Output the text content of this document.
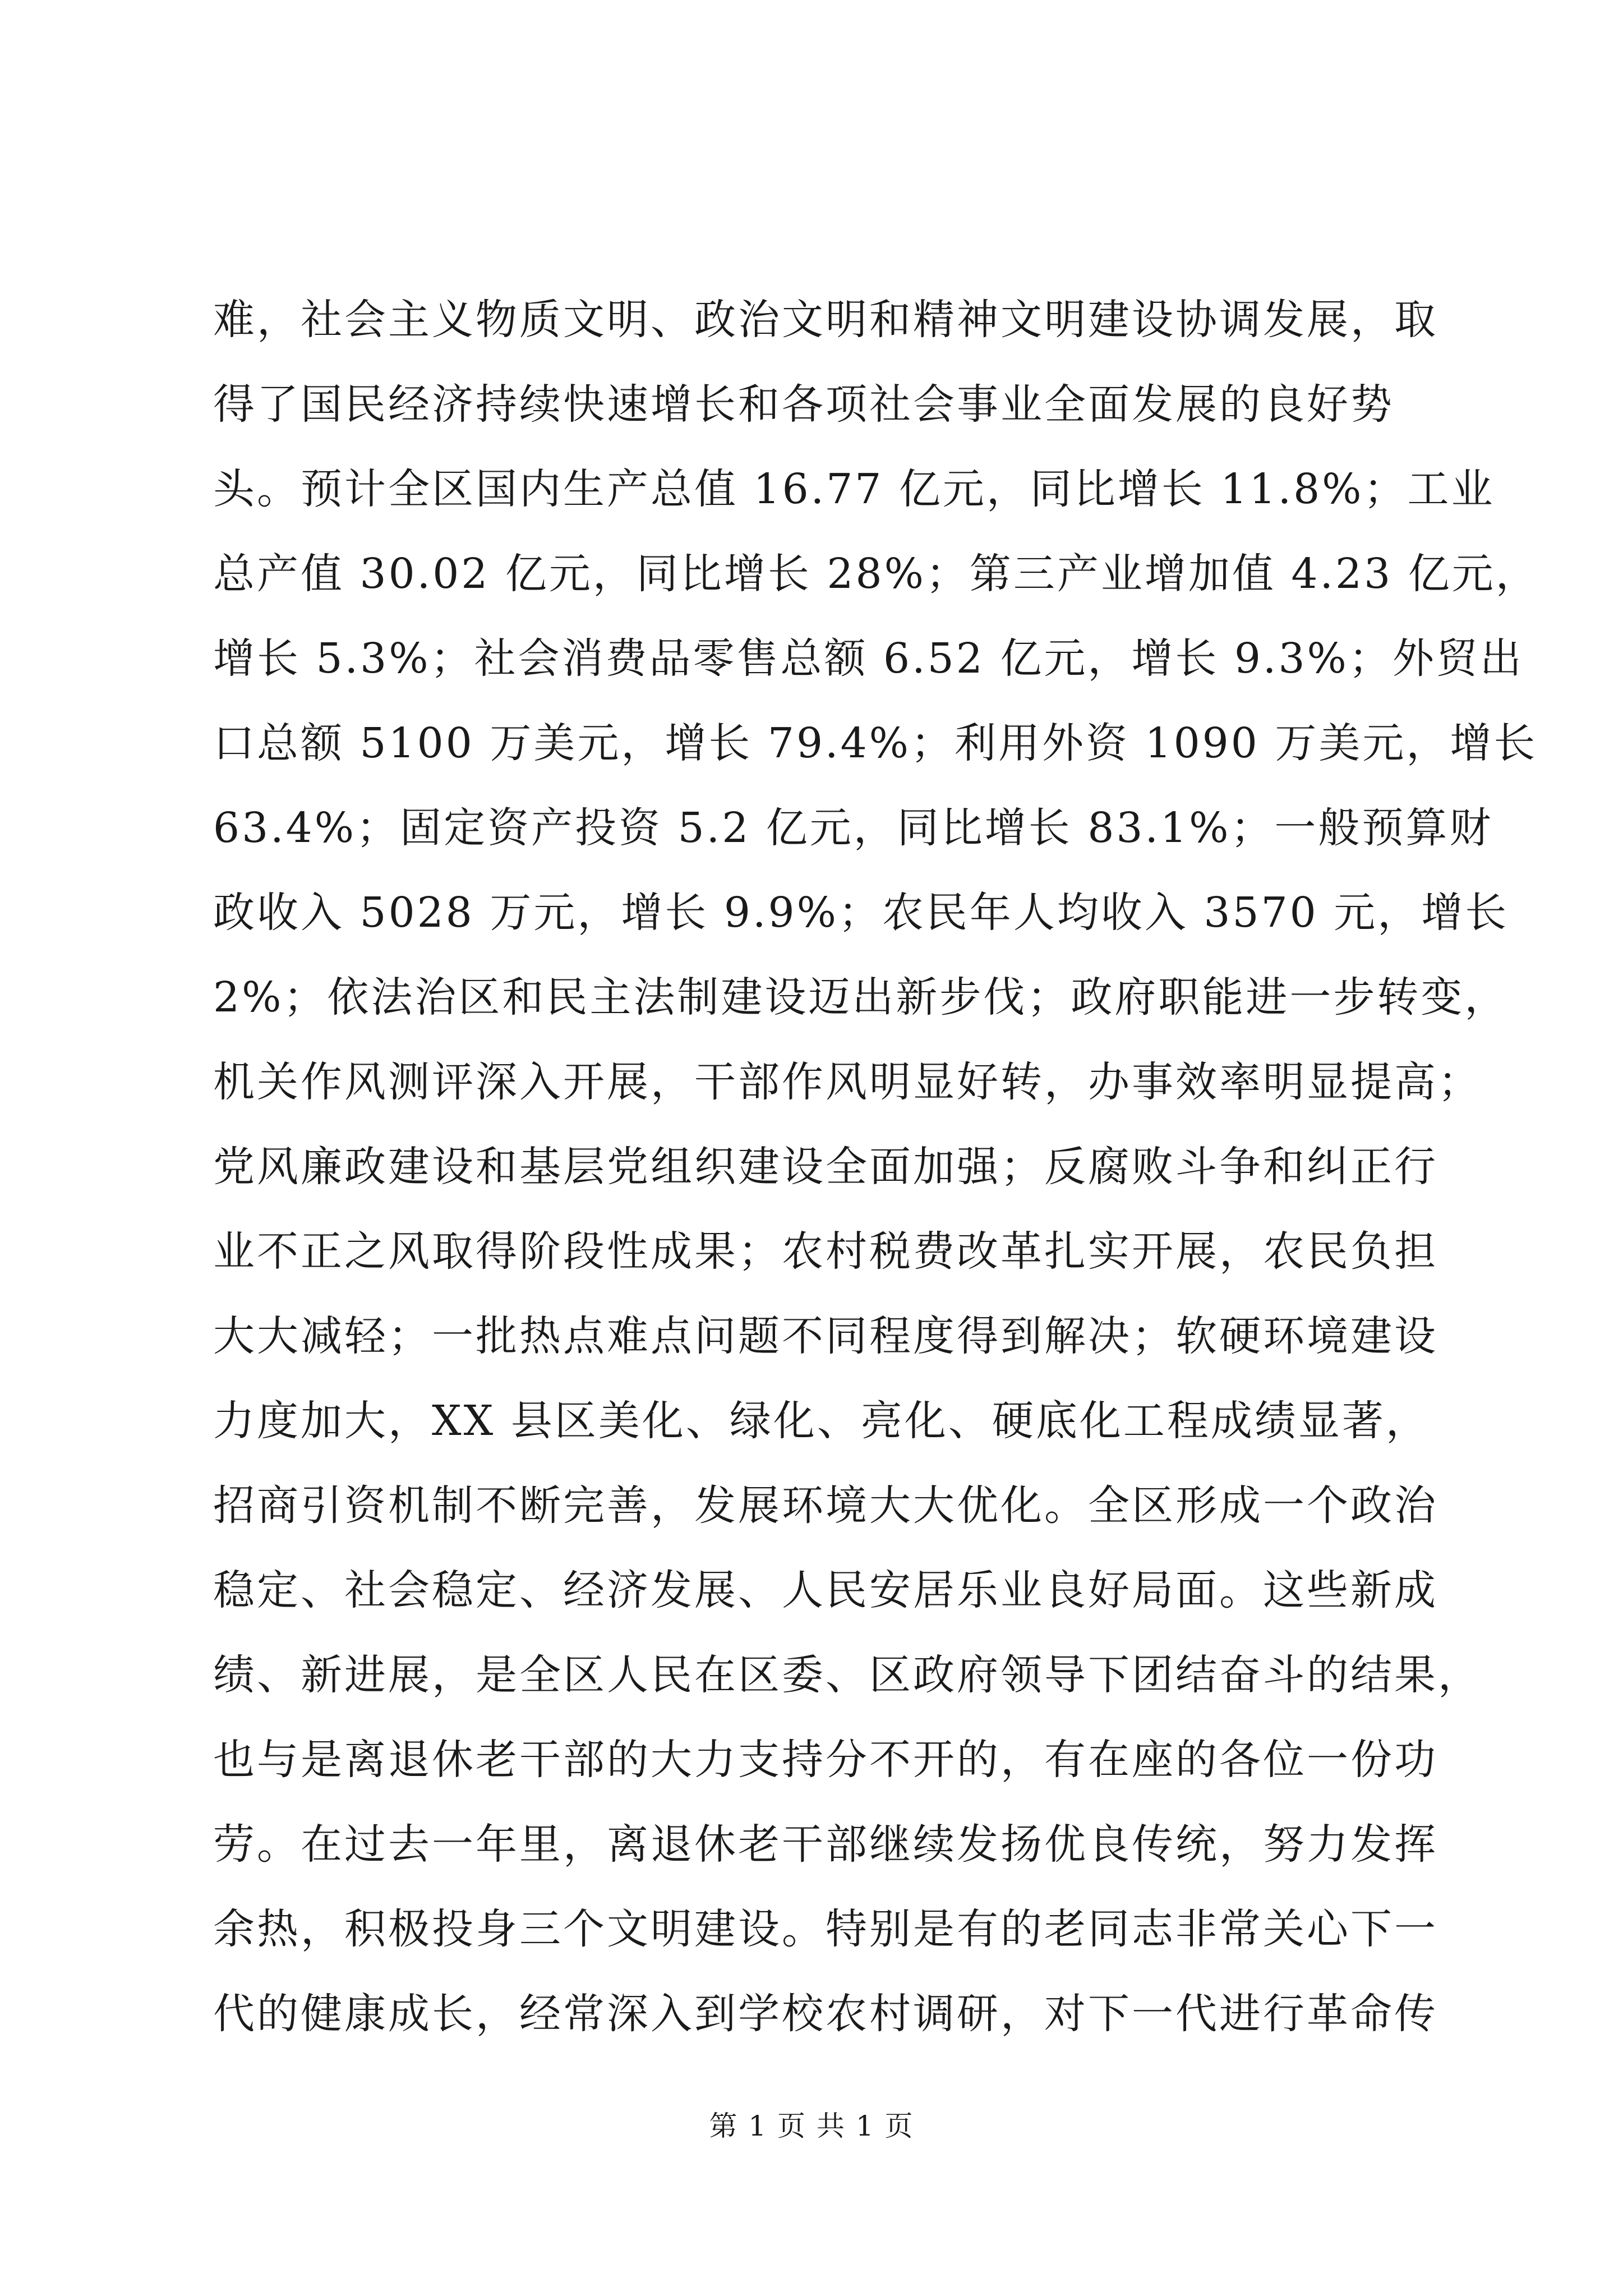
难，社会主义物质文明、政治文明和精神文明建设协调发展，取
得了国民经济持续快速增长和各项社会事业全面发展的良好势
头。预计全区国内生产总值 16.77 亿元，同比增长 11.8%；工业
总产值 30.02 亿元，同比增长 28%；第三产业增加值 4.23 亿元，
增长 5.3%；社会消费品零售总额 6.52 亿元，增长 9.3%；外贸出
口总额 5100 万美元，增长 79.4%；利用外资 1090 万美元，增长
63.4%；固定资产投资 5.2 亿元，同比增长 83.1%；一般预算财
政收入 5028 万元，增长 9.9%；农民年人均收入 3570 元，增长
2%；依法治区和民主法制建设迈出新步伐；政府职能进一步转变，
机关作风测评深入开展，干部作风明显好转，办事效率明显提高；
党风廉政建设和基层党组织建设全面加强；反腐败斗争和纠正行
业不正之风取得阶段性成果；农村税费改革扎实开展，农民负担
大大减轻；一批热点难点问题不同程度得到解决；软硬环境建设
力度加大，XX 县区美化、绿化、亮化、硬底化工程成绩显著，
招商引资机制不断完善，发展环境大大优化。全区形成一个政治
稳定、社会稳定、经济发展、人民安居乐业良好局面。这些新成
绩、新进展，是全区人民在区委、区政府领导下团结奋斗的结果，
也与是离退休老干部的大力支持分不开的，有在座的各位一份功
劳。在过去一年里，离退休老干部继续发扬优良传统，努力发挥
余热，积极投身三个文明建设。特别是有的老同志非常关心下一
代的健康成长，经常深入到学校农村调研，对下一代进行革命传
第 1 页 共 1 页
